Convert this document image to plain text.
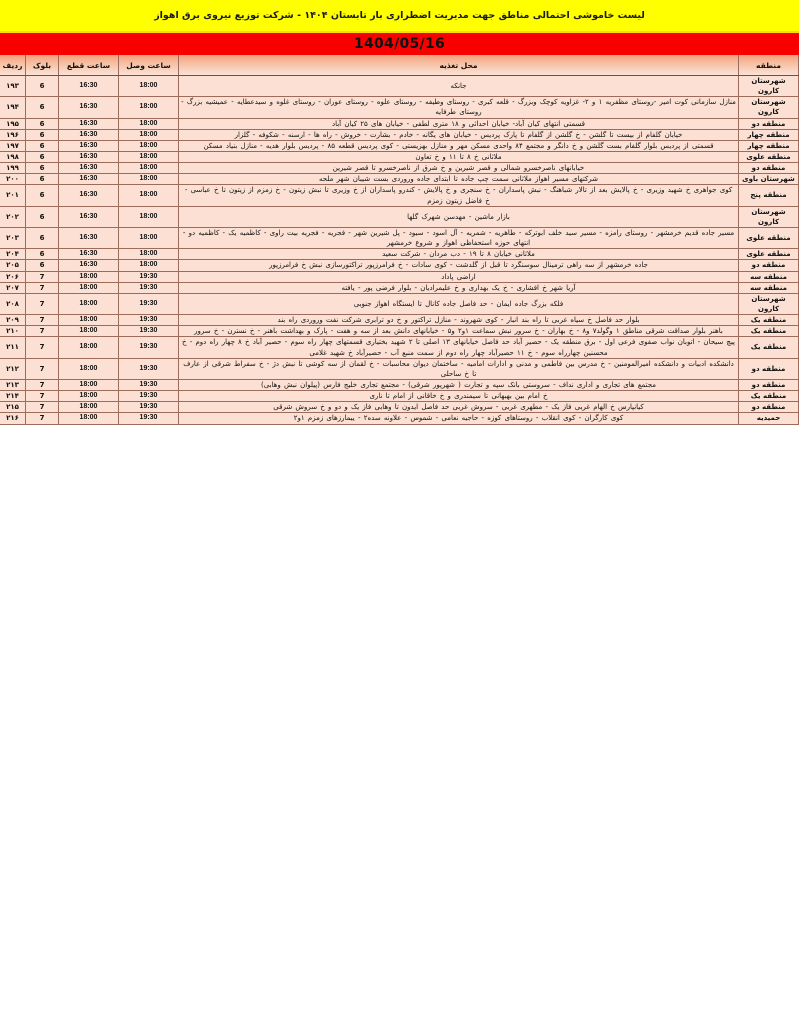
لیست خاموشی احتمالی مناطق جهت مدیریت اضطراری بار تابستان ۱۴۰۴ - شرکت توزیع نیروی برق اهواز
1404/05/16
منطقه	محل تغذیه	ساعت وصل	ساعت قطع	بلوک	ردیف
شهرستان کارون	جانکه	18:00	16:30	6	۱۹۳
شهرستان کارون	منازل سازمانی کوت امیر -روستای مظفریه ۱ و ۲- غزاویه کوچک وبزرگ - قلعه کبری - روستای وطیفه - روستای علوه - روستای عوران - روستای غلوه و سیدعطایه - عمیشیه بزرگ - روستای طرفایه	18:00	16:30	6	۱۹۴
منطقه دو	قسمتی انتهای کیان آباد- خیابان احداثی و ۱۸ متری لطفی - خیابان های ۲۵ کیان آباد	18:00	16:30	6	۱۹۵
منطقه چهار	خیابان گلفام از بیست تا گلشن - خ گلشن از گلفام تا پارک پردیس - خیابان های یگانه - خادم - بشارت - خروش - راه ها - ارسنه - شکوفه - گلزار	18:00	16:30	6	۱۹۶
منطقه چهار	قسمتی از پردیس بلوار گلفام بست گلشن و خ دانگر و مجتمع ۸۴ واحدی مسکن مهر و منازل بهزیستی - کوی پردیس قطعه ۸۵ - پردیس بلوار هدیه - منازل بنیاد مسکن	18:00	16:30	6	۱۹۷
منطقه علوی	ملاثانی خ ۸ تا ۱۱ و خ تعاون	18:00	16:30	6	۱۹۸
منطقه دو	خیابانهای ناصرخسرو شمالی و قصر شیرین و خ شرق از ناصرخسرو تا قصر شیرین	18:00	16:30	6	۱۹۹
شهرستان باوی	شرکتهای مسیر اهواز ملاثانی سمت چپ جاده تا ابتدای جاده وروردی بست شیبان شهر ملحه	18:00	16:30	6	۲۰۰
منطقه پنج	کوی جواهری خ شهید وزیری - خ پالایش بعد از تالار شباهنگ - نبش پاسداران - خ سنجری و خ پالایش - کندرو پاسداران از خ وزیری تا نبش زیتون - خ زمزم از زیتون تا خ عباسی - خ فاضل زیتون زمزم	18:00	16:30	6	۲۰۱
شهرستان کارون	بازار ماشین - مهدسن شهرک گلها	18:00	16:30	6	۲۰۲
منطقه علوی	مسیر جاده قدیم خرمشهر - روستای رامزه - مسیر سید خلف ابوترکه - طاهریه - شمریه - آل اسود - سیود - پل شیرین شهر - فجریه - فجریه بیت راوی - کاظمیه یک - کاظمیه دو - انتهای حوزه استحفاظی اهواز و شروع خرمشهر	18:00	16:30	6	۲۰۳
منطقه علوی	ملاثانی خیابان ۸ تا ۱۹ - دب مردان - شرکت سعید	18:00	16:30	6	۲۰۴
منطقه دو	جاده خرمشهر از سه راهی ترمینال سوسنگرد تا قبل از گلدشت - کوی سادات - خ فرامرزپور تراکتورسازی نبش خ فرامرزپور	18:00	16:30	6	۲۰۵
منطقه سه	اراضی پاداد	19:30	18:00	7	۲۰۶
منطقه سه	آریا شهر خ افشاری - خ یک بهداری و خ علیمرادیان - بلوار فرضی پور - یافته	19:30	18:00	7	۲۰۷
شهرستان کارون	فلکه بزرگ جاده ایمان - حد فاصل جاده کانال تا ایستگاه اهواز جنوبی	19:30	18:00	7	۲۰۸
منطقه یک	بلوار حد فاصل خ سیاه غربی تا راه بند انبار - کوی شهروند - منازل تراکتور و خ دو ترابری شرکت نفت وروردی راه بند	19:30	18:00	7	۲۰۹
منطقه یک	باهنر بلوار صداقت شرقی مناطق ۱ وگولد۷ و۸ - خ بهاران - خ سرور نبش سماعت ۱و۲ و۵ - خیابانهای دانش بعد از سه و هفت - پارک و بهداشت باهنر - خ نسترن - خ سرور	19:30	18:00	7	۲۱۰
منطقه یک	پیچ سیحان - اتوبان نواب صفوی فرعی اول - برق منطقه یک - حصیر آباد حد فاصل خیابانهای ۱۳ اصلی تا ۲ شهید بختیاری قسمتهای چهار راه سوم - حصیر آباد خ ۸ چهار راه دوم - خ محسنین چهارراه سوم - خ ۱۱ حصیرآباد چهار راه دوم از سمت منبع آب - حصیرآباد خ شهید غلامی	19:30	18:00	7	۲۱۱
منطقه دو	دانشکده ادبیات و دانشکده امیرالمومنین - خ مدرس بین فاطمی و مدنی و ادارات امامیه - ساختمان دیوان محاسبات - خ لقمان از سه کوشی تا نبش دژ - خ سفراط شرقی از عارف تا خ ساحلی	19:30	18:00	7	۲۱۲
منطقه دو	مجتمع های تجاری و اداری نداف - سروستی بانک سپه و تجارت ( شهرپور شرقی) - مجتمع تجاری خلیج فارس (پیلوان نبش وهابی)	19:30	18:00	7	۲۱۳
منطقه یک	خ امام بین بهبهانی تا سیمندری و خ خاقانی از امام تا ناری	19:30	18:00	7	۲۱۴
منطقه دو	کیانپارس خ الهام غربی فاز یک - مطهری غربی - سروش غربی حد فاصل ایدون تا وهابی فاز یک و دو و خ سروش شرقی	19:30	18:00	7	۲۱۵
حمیدیه	کوی کارگران - کوی انقلاب - روستاهای کوزه - حاجیه نعامی - شموس - علاونه سده۲ - ییمارزهای زمزم ۱و۲	19:30	18:00	7	۲۱۶
